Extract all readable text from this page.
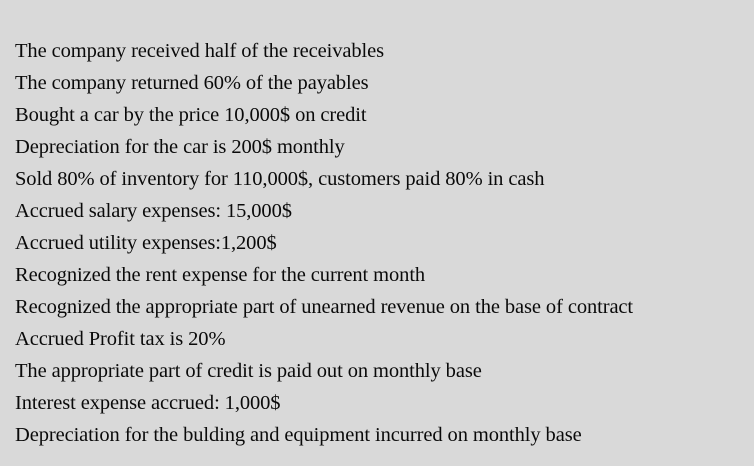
The company received half of the receivables
The company returned 60% of the payables
Bought a car by the price 10,000$ on credit
Depreciation for the car is 200$ monthly
Sold 80% of inventory for 110,000$, customers paid 80% in cash
Accrued salary expenses: 15,000$
Accrued utility expenses:1,200$
Recognized the rent expense for the current month
Recognized the appropriate part of unearned revenue on the base of contract
Accrued Profit tax is 20%
The appropriate part of credit is paid out on monthly base
Interest expense accrued: 1,000$
Depreciation for the bulding and equipment incurred on monthly base
